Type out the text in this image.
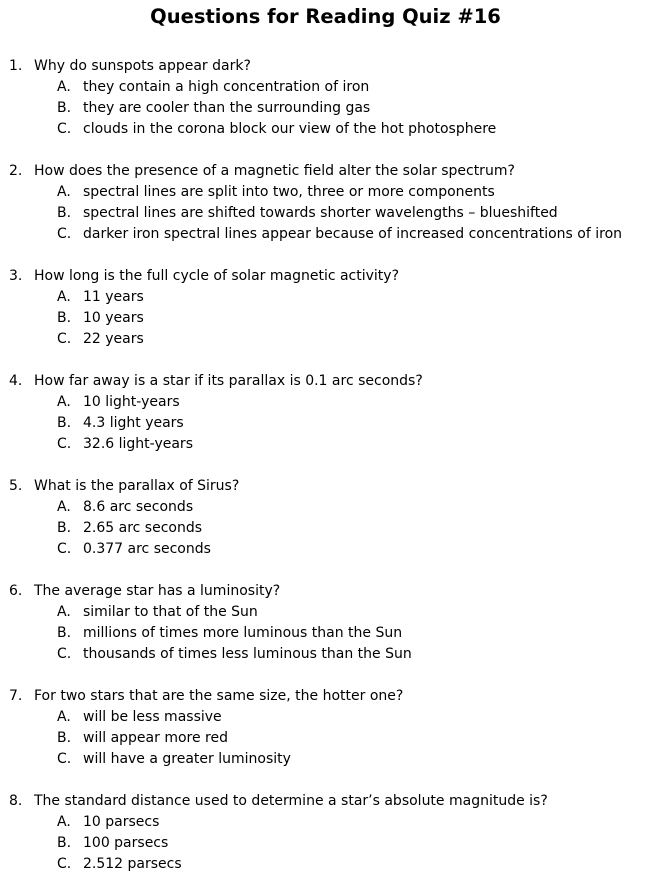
Questions for Reading Quiz #16
1. Why do sunspots appear dark?
A. they contain a high concentration of iron
B. they are cooler than the surrounding gas
C. clouds in the corona block our view of the hot photosphere
2. How does the presence of a magnetic field alter the solar spectrum?
A. spectral lines are split into two, three or more components
B. spectral lines are shifted towards shorter wavelengths – blueshifted
C. darker iron spectral lines appear because of increased concentrations of iron
3. How long is the full cycle of solar magnetic activity?
A. 11 years
B. 10 years
C. 22 years
4. How far away is a star if its parallax is 0.1 arc seconds?
A. 10 light-years
B. 4.3 light years
C. 32.6 light-years
5. What is the parallax of Sirus?
A. 8.6 arc seconds
B. 2.65 arc seconds
C. 0.377 arc seconds
6. The average star has a luminosity?
A. similar to that of the Sun
B. millions of times more luminous than the Sun
C. thousands of times less luminous than the Sun
7. For two stars that are the same size, the hotter one?
A. will be less massive
B. will appear more red
C. will have a greater luminosity
8. The standard distance used to determine a star’s absolute magnitude is?
A. 10 parsecs
B. 100 parsecs
C. 2.512 parsecs
